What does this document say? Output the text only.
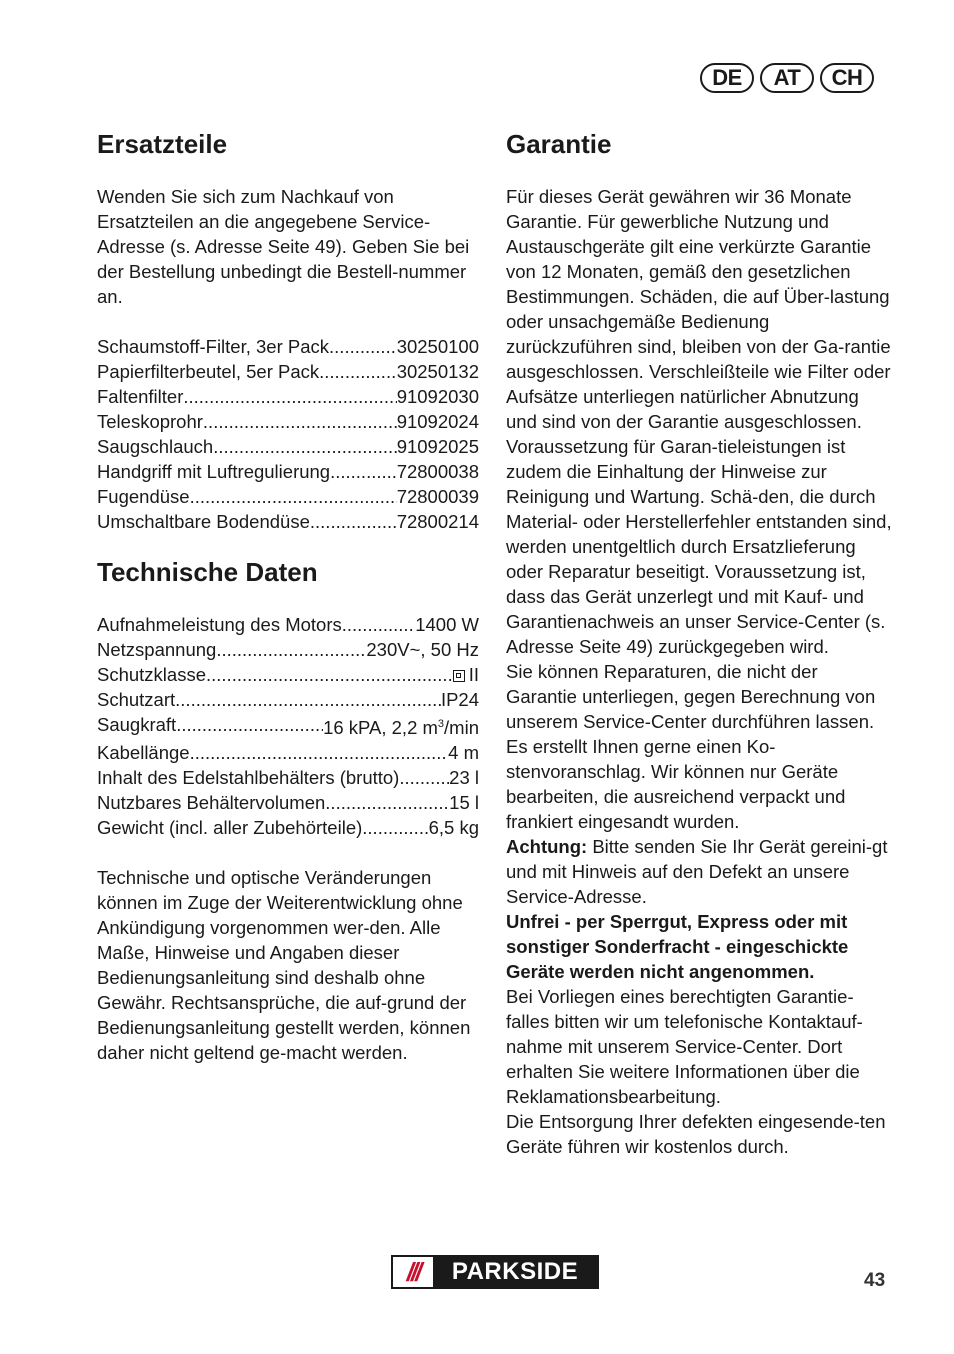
DE	AT	CH
Ersatzteile

Wenden Sie sich zum Nachkauf von Ersatzteilen an die angegebene Service-Adresse (s. Adresse Seite 49). Geben Sie bei der Bestellung unbedingt die Bestell-nummer an.

Schaumstoff-Filter, 3er Pack .....	30250100
Papierfilterbeutel, 5er Pack .....	30250132
Faltenfilter .....	91092030
Teleskoprohr .....	91092024
Saugschlauch .....	91092025
Handgriff mit Luftregulierung .....	72800038
Fugendüse .....	72800039
Umschaltbare Bodendüse .....	72800214
Technische Daten
Aufnahmeleistung des Motors .....	1400 W
Netzspannung .....	230V~, 50 Hz
Schutzklasse .....	II
Schutzart .....	IP24
Saugkraft .....	16 kPA, 2,2 $m^3/\min$
Kabellänge .....	4 m
Inhalt des Edelstahlbehälters (brutto) .....	23 l
Nutzbares Behältervolumen .....	15 l
Gewicht (incl. aller Zubehörteile) .....	6,5 kg

Technische und optische Veränderungen können im Zuge der Weiterentwicklung ohne Ankündigung vorgenommen wer-den. Alle Maße, Hinweise und Angaben dieser Bedienungsanleitung sind deshalb ohne Gewähr. Rechtsansprüche, die auf-grund der Bedienungsanleitung gestellt werden, können daher nicht geltend ge-macht werden.

Garantie

Für dieses Gerät gewähren wir 36 Monate Garantie. Für gewerbliche Nutzung und Austauschgeräte gilt eine verkürzte Garantie von 12 Monaten, gemäß den gesetzlichen Bestimmungen. Schäden, die auf Über-lastung oder unsachgemäße Bedienung zurückzuführen sind, bleiben von der Ga-rantie ausgeschlossen. Verschleißteile wie Filter oder Aufsätze unterliegen natürlicher Abnutzung und sind von der Garantie ausgeschlossen. Voraussetzung für Garan-tieleistungen ist zudem die Einhaltung der Hinweise zur Reinigung und Wartung. Schä-den, die durch Material- oder Herstellerfehler entstanden sind, werden unentgeltlich durch Ersatzlieferung oder Reparatur beseitigt. Voraussetzung ist, dass das Gerät unzerlegt und mit Kauf- und Garantienachweis an unser Service-Center (s. Adresse Seite 49) zurückgegeben wird.

Sie können Reparaturen, die nicht der Garantie unterliegen, gegen Berechnung von unserem Service-Center durchführen lassen. Es erstellt Ihnen gerne einen Ko-stenvoranschlag. Wir können nur Geräte bearbeiten, die ausreichend verpackt und frankiert eingesandt wurden.

Achtung: Bitte senden Sie Ihr Gerät gereini-gt und mit Hinweis auf den Defekt an unsere Service-Adresse.

Unfrei - per Sperrgut, Express oder mit sonstiger Sonderfracht - eingeschickte Geräte werden nicht angenommen.

Bei Vorliegen eines berechtigten Garantie-falles bitten wir um telefonische Kontaktauf-nahme mit unserem Service-Center. Dort erhalten Sie weitere Informationen über die Reklamationsbearbeitung.

Die Entsorgung Ihrer defekten eingesende-ten Geräte führen wir kostenlos durch.

///	PARKSIDE	43
